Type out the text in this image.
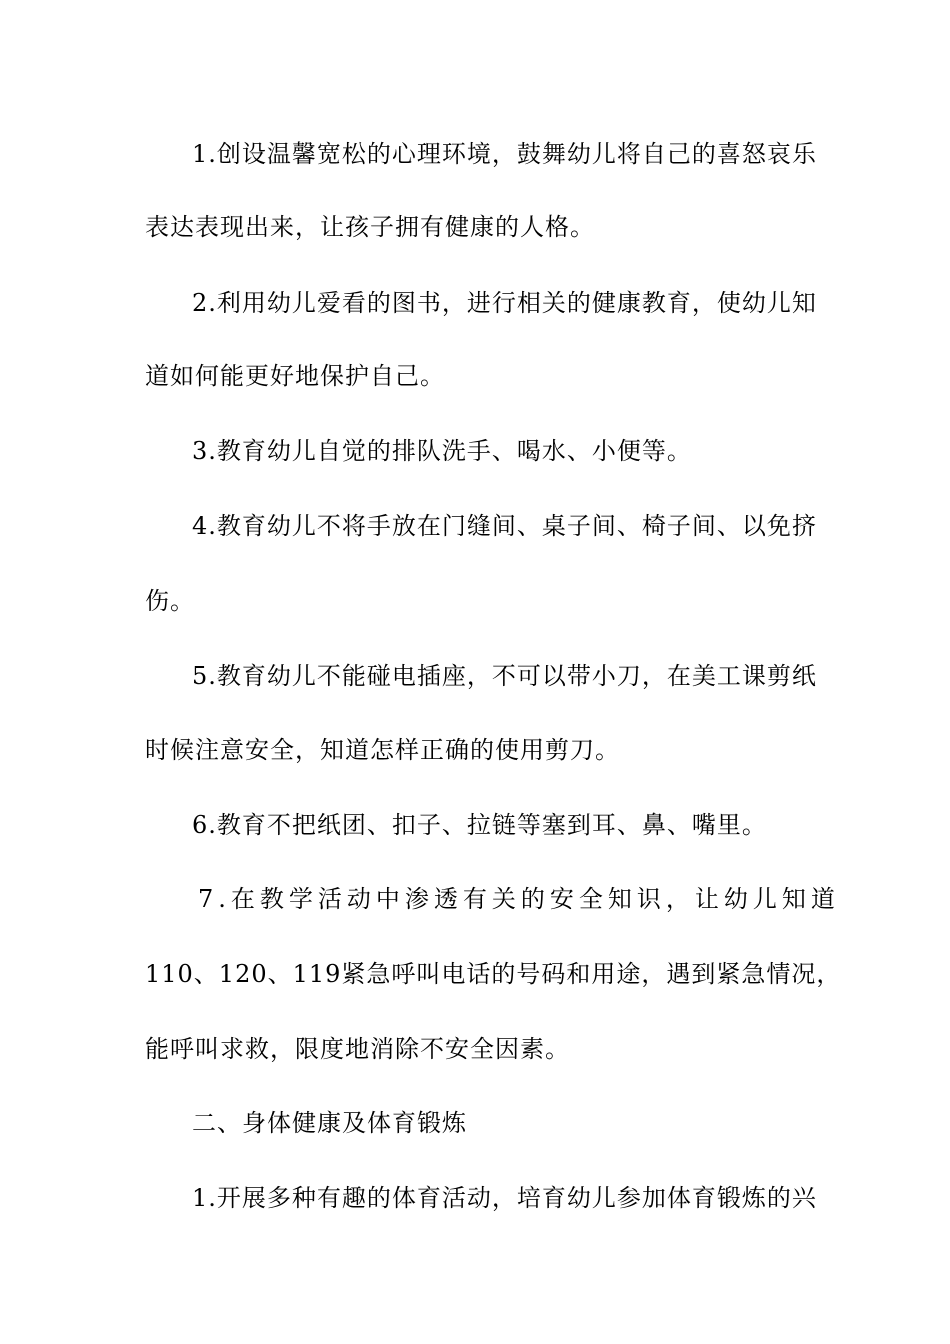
1.创设温馨宽松的心理环境，鼓舞幼儿将自己的喜怒哀乐
表达表现出来，让孩子拥有健康的人格。
2.利用幼儿爱看的图书，进行相关的健康教育，使幼儿知
道如何能更好地保护自己。
3.教育幼儿自觉的排队洗手、喝水、小便等。
4.教育幼儿不将手放在门缝间、桌子间、椅子间、以免挤
伤。
5.教育幼儿不能碰电插座，不可以带小刀，在美工课剪纸
时候注意安全，知道怎样正确的使用剪刀。
6.教育不把纸团、扣子、拉链等塞到耳、鼻、嘴里。
7.在教学活动中渗透有关的安全知识，让幼儿知道
110、120、119紧急呼叫电话的号码和用途，遇到紧急情况，
能呼叫求救，限度地消除不安全因素。
二、身体健康及体育锻炼
1.开展多种有趣的体育活动，培育幼儿参加体育锻炼的兴
